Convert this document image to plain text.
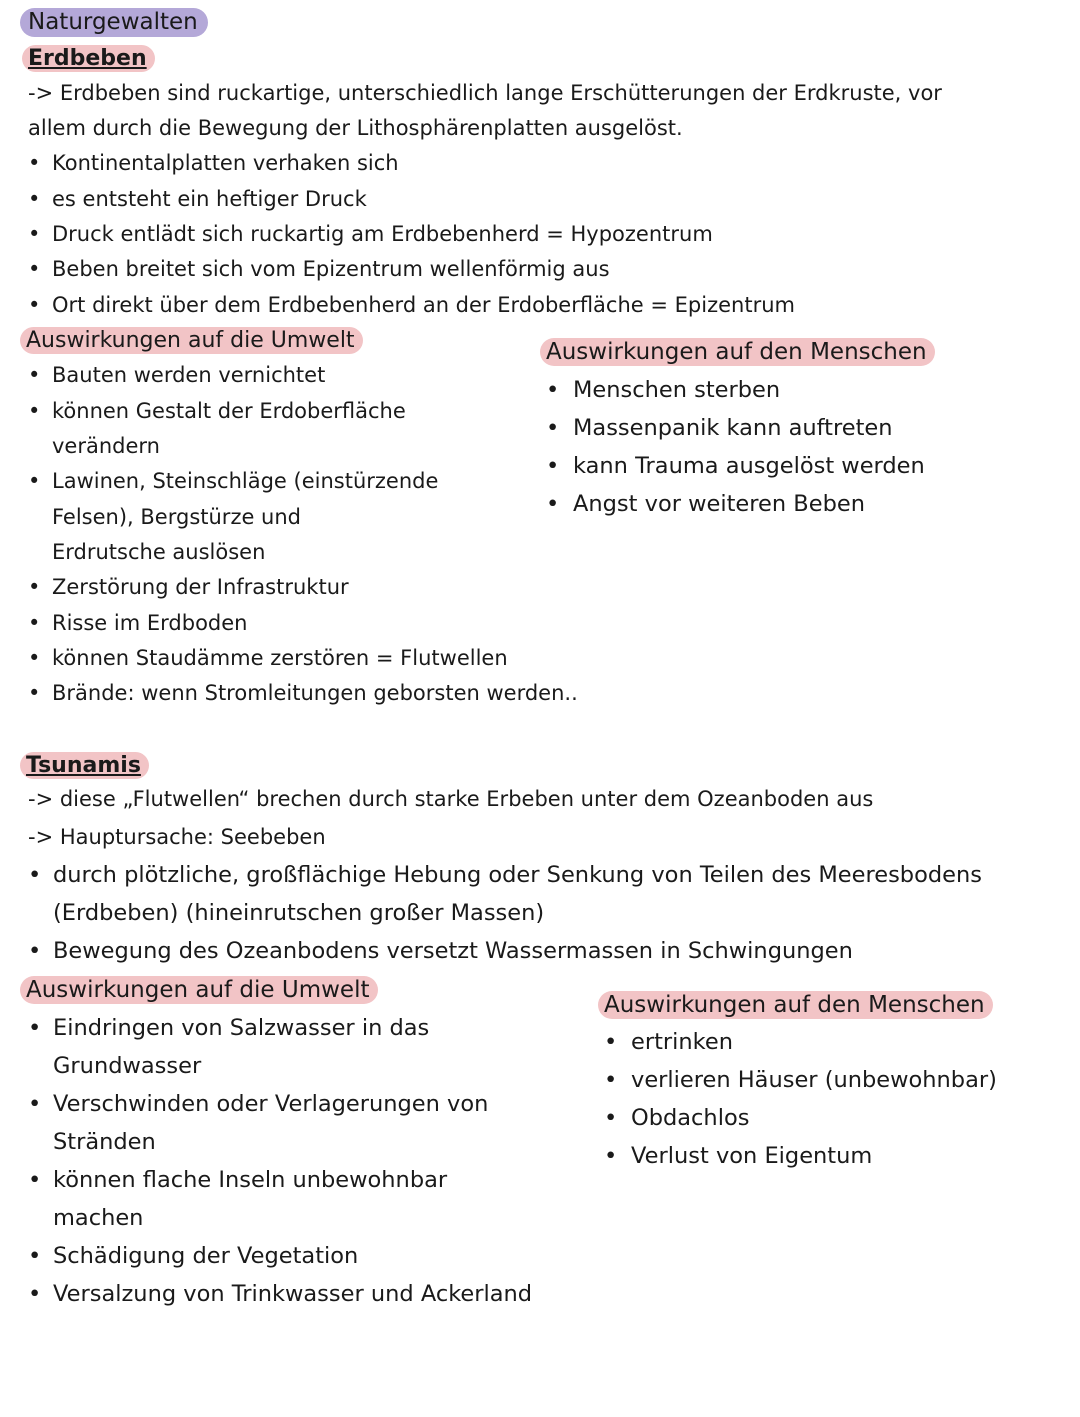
Naturgewalten
Erdbeben
-> Erdbeben sind ruckartige, unterschiedlich lange Erschütterungen der Erdkruste, vor
allem durch die Bewegung der Lithosphärenplatten ausgelöst.
• Kontinentalplatten verhaken sich
• es entsteht ein heftiger Druck
• Druck entlädt sich ruckartig am Erdbebenherd = Hypozentrum
• Beben breitet sich vom Epizentrum wellenförmig aus
• Ort direkt über dem Erdbebenherd an der Erdoberfläche = Epizentrum
Auswirkungen auf die Umwelt
• Bauten werden vernichtet
• können Gestalt der Erdoberfläche
verändern
• Lawinen, Steinschläge (einstürzende
Felsen), Bergstürze und
Erdrutsche auslösen
• Zerstörung der Infrastruktur
• Risse im Erdboden
• können Staudämme zerstören = Flutwellen
• Brände: wenn Stromleitungen geborsten werden..
Auswirkungen auf den Menschen
• Menschen sterben
• Massenpanik kann auftreten
• kann Trauma ausgelöst werden
• Angst vor weiteren Beben
Tsunamis
-> diese „Flutwellen“ brechen durch starke Erbeben unter dem Ozeanboden aus
-> Hauptursache: Seebeben
• durch plötzliche, großflächige Hebung oder Senkung von Teilen des Meeresbodens
(Erdbeben) (hineinrutschen großer Massen)
• Bewegung des Ozeanbodens versetzt Wassermassen in Schwingungen
Auswirkungen auf die Umwelt
• Eindringen von Salzwasser in das
Grundwasser
• Verschwinden oder Verlagerungen von
Stränden
• können flache Inseln unbewohnbar
machen
• Schädigung der Vegetation
• Versalzung von Trinkwasser und Ackerland
Auswirkungen auf den Menschen
• ertrinken
• verlieren Häuser (unbewohnbar)
• Obdachlos
• Verlust von Eigentum
